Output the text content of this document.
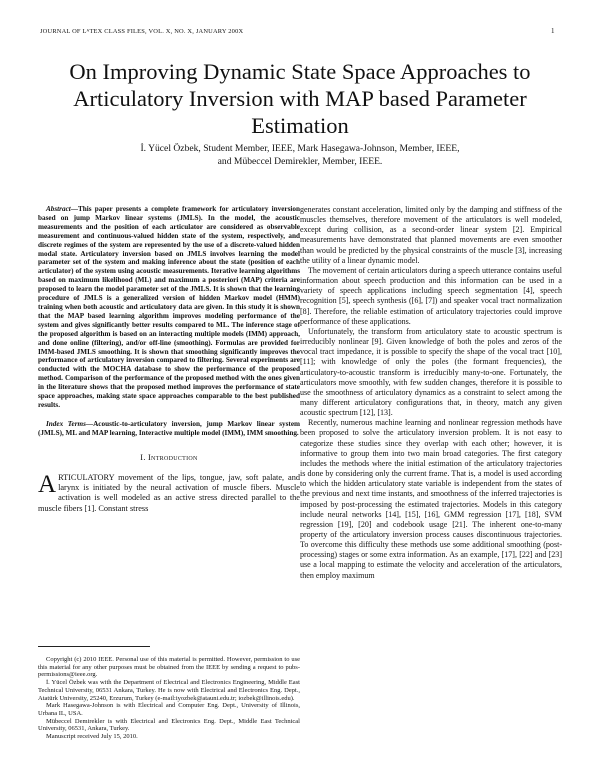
JOURNAL OF LᴬTEX CLASS FILES, VOL. X, NO. X, JANUARY 200X	1
On Improving Dynamic State Space Approaches to Articulatory Inversion with MAP based Parameter Estimation
İ. Yücel Özbek, Student Member, IEEE, Mark Hasegawa-Johnson, Member, IEEE,
and Mübeccel Demirekler, Member, IEEE.

Abstract—This paper presents a complete framework for articulatory inversion based on jump Markov linear systems (JMLS). In the model, the acoustic measurements and the position of each articulator are considered as observable measurement and continuous-valued hidden state of the system, respectively, and discrete regimes of the system are represented by the use of a discrete-valued hidden modal state. Articulatory inversion based on JMLS involves learning the model parameter set of the system and making inference about the state (position of each articulator) of the system using acoustic measurements. Iterative learning algorithms based on maximum likelihood (ML) and maximum a posteriori (MAP) criteria are proposed to learn the model parameter set of the JMLS. It is shown that the learning procedure of JMLS is a generalized version of hidden Markov model (HMM) training when both acoustic and articulatory data are given. In this study it is shown that the MAP based learning algorithm improves modeling performance of the system and gives significantly better results compared to ML. The inference stage of the proposed algorithm is based on an interacting multiple models (IMM) approach, and done online (filtering), and/or off-line (smoothing). Formulas are provided for IMM-based JMLS smoothing. It is shown that smoothing significantly improves the performance of articulatory inversion compared to filtering. Several experiments are conducted with the MOCHA database to show the performance of the proposed method. Comparison of the performance of the proposed method with the ones given in the literature shows that the proposed method improves the performance of state space approaches, making state space approaches comparable to the best published results.

Index Terms—Acoustic-to-articulatory inversion, jump Markov linear system (JMLS), ML and MAP learning, Interactive multiple model (IMM), IMM smoothing.

I. Introduction

ARTICULATORY movement of the lips, tongue, jaw, soft palate, and larynx is initiated by the neural activation of muscle fibers. Muscle activation is well modeled as an active stress directed parallel to the muscle fibers [1]. Constant stress

Copyright (c) 2010 IEEE. Personal use of this material is permitted. However, permission to use this material for any other purposes must be obtained from the IEEE by sending a request to pubs-permissions@ieee.org.

İ. Yücel Özbek was with the Department of Electrical and Electronics Engineering, Middle East Technical University, 06531 Ankara, Turkey. He is now with Electrical and Electronics Eng. Dept., Atatürk University, 25240, Erzurum, Turkey (e-mail:iyozbek@atauni.edu.tr; iozbek@illinois.edu).

Mark Hasegawa-Johnson is with Electrical and Computer Eng. Dept., University of Illinois, Urbana IL, USA.

Mübeccel Demirekler is with Electrical and Electronics Eng. Dept., Middle East Technical University, 06531, Ankara, Turkey.

Manuscript received July 15, 2010.

generates constant acceleration, limited only by the damping and stiffness of the muscles themselves, therefore movement of the articulators is well modeled, except during collision, as a second-order linear system [2]. Empirical measurements have demonstrated that planned movements are even smoother than would be predicted by the physical constraints of the muscle [3], increasing the utility of a linear dynamic model.

The movement of certain articulators during a speech utterance contains useful information about speech production and this information can be used in a variety of speech applications including speech segmentation [4], speech recognition [5], speech synthesis ([6], [7]) and speaker vocal tract normalization [8]. Therefore, the reliable estimation of articulatory trajectories could improve performance of these applications.

Unfortunately, the transform from articulatory state to acoustic spectrum is irreducibly nonlinear [9]. Given knowledge of both the poles and zeros of the vocal tract impedance, it is possible to specify the shape of the vocal tract [10], [11]; with knowledge of only the poles (the formant frequencies), the articulatory-to-acoustic transform is irreducibly many-to-one. Fortunately, the articulators move smoothly, with few sudden changes, therefore it is possible to use the smoothness of articulatory dynamics as a constraint to select among the many different articulatory configurations that, in theory, match any given acoustic spectrum [12], [13].

Recently, numerous machine learning and nonlinear regression methods have been proposed to solve the articulatory inversion problem. It is not easy to categorize these studies since they overlap with each other; however, it is informative to group them into two main broad categories. The first category includes the methods where the initial estimation of the articulatory trajectories is done by considering only the current frame. That is, a model is used according to which the hidden articulatory state variable is independent from the states of the previous and next time instants, and smoothness of the inferred trajectories is imposed by post-processing the estimated trajectories. Models in this category include neural networks [14], [15], [16], GMM regression [17], [18], SVM regression [19], [20] and codebook usage [21]. The inherent one-to-many property of the articulatory inversion process causes discontinuous trajectories. To overcome this difficulty these methods use some additional smoothing (post-processing) stages or some extra information. As an example, [17], [22] and [23] use a local mapping to estimate the velocity and acceleration of the articulators, then employ maximum
